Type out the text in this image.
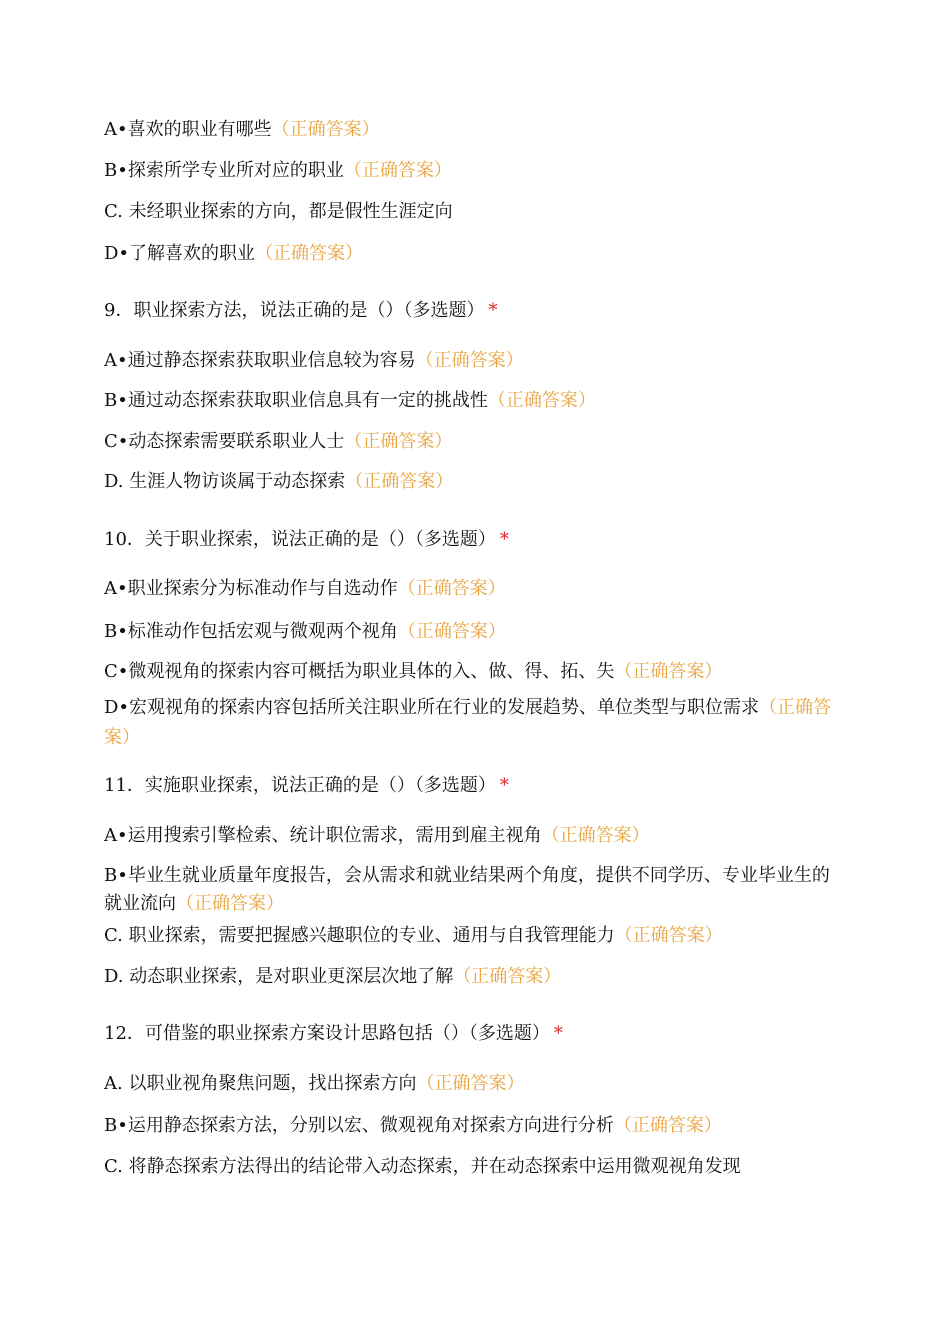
A•喜欢的职业有哪些（正确答案）
B•探索所学专业所对应的职业（正确答案）
C. 未经职业探索的方向，都是假性生涯定向
D•了解喜欢的职业（正确答案）
9．职业探索方法，说法正确的是（）（多选题） *
A•通过静态探索获取职业信息较为容易（正确答案）
B•通过动态探索获取职业信息具有一定的挑战性（正确答案）
C•动态探索需要联系职业人士（正确答案）
D. 生涯人物访谈属于动态探索（正确答案）
10．关于职业探索，说法正确的是（）（多选题） *
A•职业探索分为标准动作与自选动作（正确答案）
B•标准动作包括宏观与微观两个视角（正确答案）
C•微观视角的探索内容可概括为职业具体的入、做、得、拓、失（正确答案）
D•宏观视角的探索内容包括所关注职业所在行业的发展趋势、单位类型与职位需求（正确答案）
11．实施职业探索，说法正确的是（）（多选题） *
A•运用搜索引擎检索、统计职位需求，需用到雇主视角（正确答案）
B•毕业生就业质量年度报告，会从需求和就业结果两个角度，提供不同学历、专业毕业生的就业流向（正确答案）
C. 职业探索，需要把握感兴趣职位的专业、通用与自我管理能力（正确答案）
D. 动态职业探索，是对职业更深层次地了解（正确答案）
12．可借鉴的职业探索方案设计思路包括（）（多选题） *
A. 以职业视角聚焦问题，找出探索方向（正确答案）
B•运用静态探索方法，分别以宏、微观视角对探索方向进行分析（正确答案）
C. 将静态探索方法得出的结论带入动态探索，并在动态探索中运用微观视角发现
